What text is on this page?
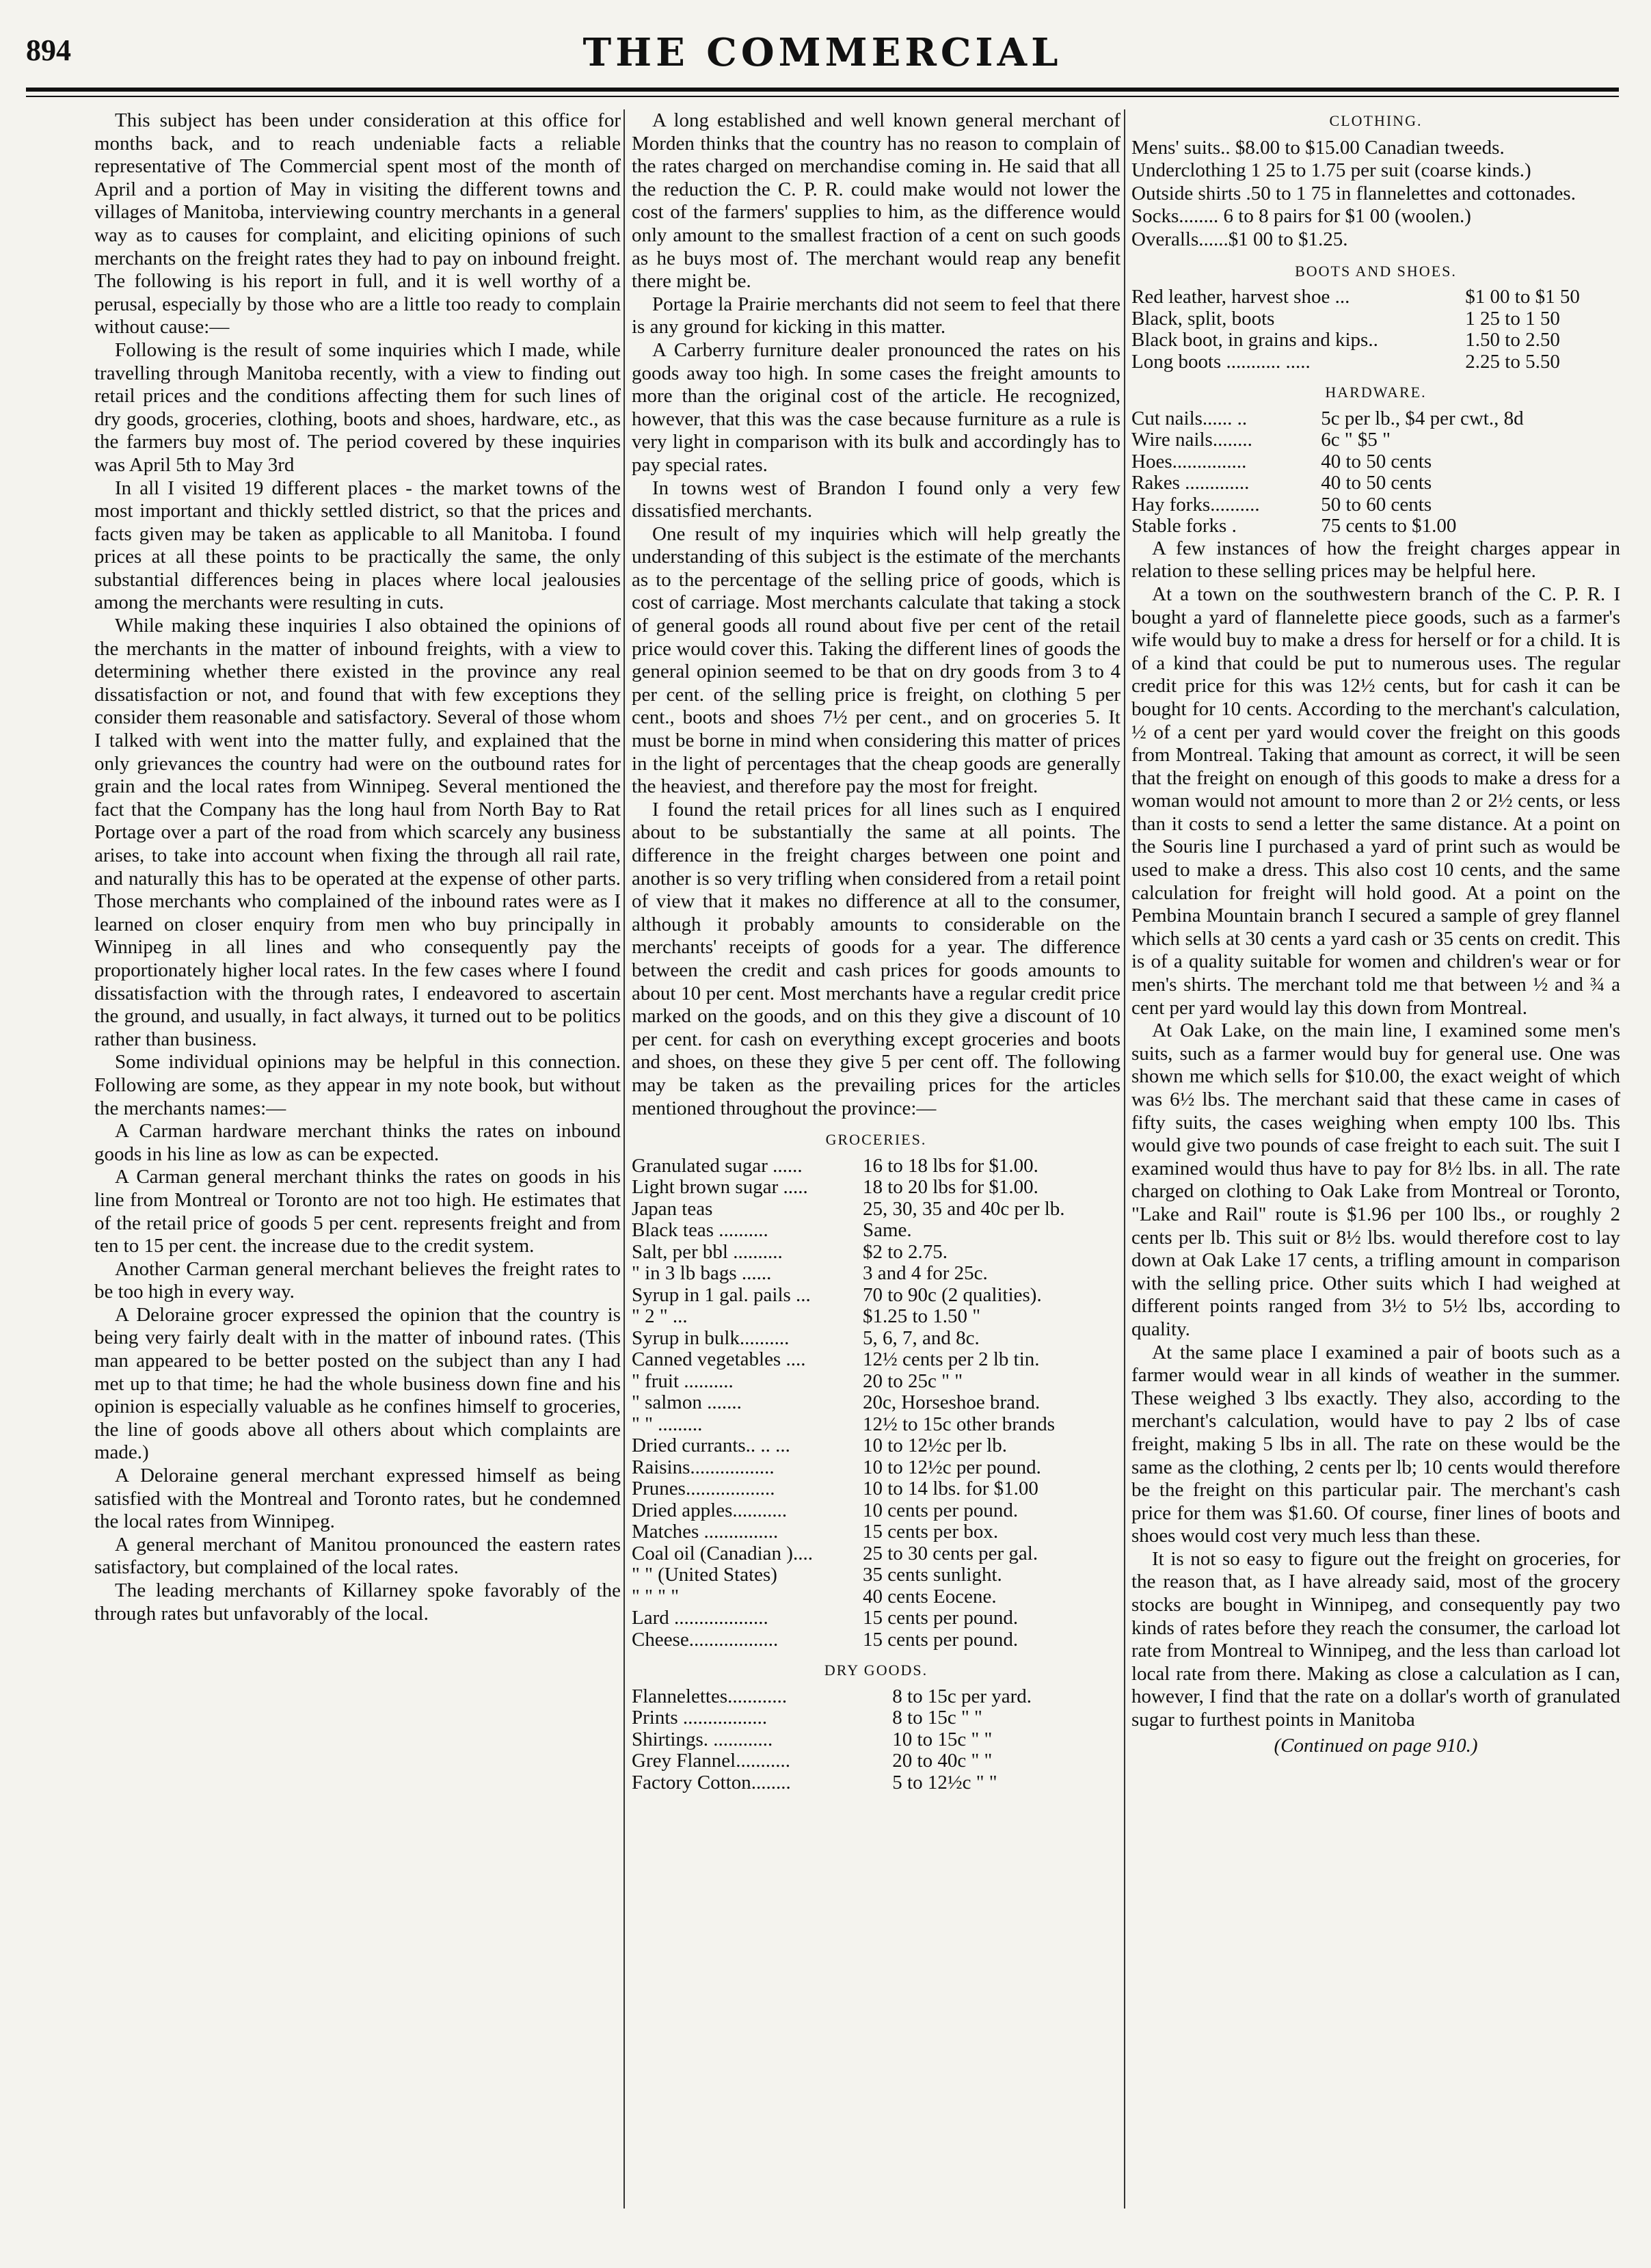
894	THE COMMERCIAL

This subject has been under consideration at this office for months back, and to reach undeniable facts a reliable representative of The Commercial spent most of the month of April and a portion of May in visiting the different towns and villages of Manitoba, interviewing country merchants in a general way as to causes for complaint, and eliciting opinions of such merchants on the freight rates they had to pay on inbound freight. The following is his report in full, and it is well worthy of a perusal, especially by those who are a little too ready to complain without cause:—

Following is the result of some inquiries which I made, while travelling through Manitoba recently, with a view to finding out retail prices and the conditions affecting them for such lines of dry goods, groceries, clothing, boots and shoes, hardware, etc., as the farmers buy most of. The period covered by these inquiries was April 5th to May 3rd

In all I visited 19 different places - the market towns of the most important and thickly settled district, so that the prices and facts given may be taken as applicable to all Manitoba. I found prices at all these points to be practically the same, the only substantial differences being in places where local jealousies among the merchants were resulting in cuts.

While making these inquiries I also obtained the opinions of the merchants in the matter of inbound freights, with a view to determining whether there existed in the province any real dissatisfaction or not, and found that with few exceptions they consider them reasonable and satisfactory. Several of those whom I talked with went into the matter fully, and explained that the only grievances the country had were on the outbound rates for grain and the local rates from Winnipeg. Several mentioned the fact that the Company has the long haul from North Bay to Rat Portage over a part of the road from which scarcely any business arises, to take into account when fixing the through all rail rate, and naturally this has to be operated at the expense of other parts. Those merchants who complained of the inbound rates were as I learned on closer enquiry from men who buy principally in Winnipeg in all lines and who consequently pay the proportionately higher local rates. In the few cases where I found dissatisfaction with the through rates, I endeavored to ascertain the ground, and usually, in fact always, it turned out to be politics rather than business.

Some individual opinions may be helpful in this connection. Following are some, as they appear in my note book, but without the merchants names:—

A Carman hardware merchant thinks the rates on inbound goods in his line as low as can be expected.

A Carman general merchant thinks the rates on goods in his line from Montreal or Toronto are not too high. He estimates that of the retail price of goods 5 per cent. represents freight and from ten to 15 per cent. the increase due to the credit system.

Another Carman general merchant believes the freight rates to be too high in every way.

A Deloraine grocer expressed the opinion that the country is being very fairly dealt with in the matter of inbound rates. (This man appeared to be better posted on the subject than any I had met up to that time; he had the whole business down fine and his opinion is especially valuable as he confines himself to groceries, the line of goods above all others about which complaints are made.)

A Deloraine general merchant expressed himself as being satisfied with the Montreal and Toronto rates, but he condemned the local rates from Winnipeg.

A general merchant of Manitou pronounced the eastern rates satisfactory, but complained of the local rates.

The leading merchants of Killarney spoke favorably of the through rates but unfavorably of the local.

A long established and well known general merchant of Morden thinks that the country has no reason to complain of the rates charged on merchandise coming in. He said that all the reduction the C. P. R. could make would not lower the cost of the farmers' supplies to him, as the difference would only amount to the smallest fraction of a cent on such goods as he buys most of. The merchant would reap any benefit there might be.

Portage la Prairie merchants did not seem to feel that there is any ground for kicking in this matter.

A Carberry furniture dealer pronounced the rates on his goods away too high. In some cases the freight amounts to more than the original cost of the article. He recognized, however, that this was the case because furniture as a rule is very light in comparison with its bulk and accordingly has to pay special rates.

In towns west of Brandon I found only a very few dissatisfied merchants.

One result of my inquiries which will help greatly the understanding of this subject is the estimate of the merchants as to the percentage of the selling price of goods, which is cost of carriage. Most merchants calculate that taking a stock of general goods all round about five per cent of the retail price would cover this. Taking the different lines of goods the general opinion seemed to be that on dry goods from 3 to 4 per cent. of the selling price is freight, on clothing 5 per cent., boots and shoes 7½ per cent., and on groceries 5. It must be borne in mind when considering this matter of prices in the light of percentages that the cheap goods are generally the heaviest, and therefore pay the most for freight.

I found the retail prices for all lines such as I enquired about to be substantially the same at all points. The difference in the freight charges between one point and another is so very trifling when considered from a retail point of view that it makes no difference at all to the consumer, although it probably amounts to considerable on the merchants' receipts of goods for a year. The difference between the credit and cash prices for goods amounts to about 10 per cent. Most merchants have a regular credit price marked on the goods, and on this they give a discount of 10 per cent. for cash on everything except groceries and boots and shoes, on these they give 5 per cent off. The following may be taken as the prevailing prices for the articles mentioned throughout the province:—

GROCERIES.
Granulated sugar ......	16 to 18 lbs for $1.00.
Light brown sugar .....	18 to 20 lbs for $1.00.
Japan teas	25, 30, 35 and 40c per lb.
Black teas ..........	Same.
Salt, per bbl ..........	$2 to 2.75.
" in 3 lb bags ......	3 and 4 for 25c.
Syrup in 1 gal. pails ...	70 to 90c (2 qualities).
" 2 " ...	$1.25 to 1.50 "
Syrup in bulk..........	5, 6, 7, and 8c.
Canned vegetables ....	12½ cents per 2 lb tin.
" fruit ..........	20 to 25c " "
" salmon .......	20c, Horseshoe brand.
" " .........	12½ to 15c other brands
Dried currants.. .. ...	10 to 12½c per lb.
Raisins.................	10 to 12½c per pound.
Prunes..................	10 to 14 lbs. for $1.00
Dried apples...........	10 cents per pound.
Matches ...............	15 cents per box.
Coal oil (Canadian )....	25 to 30 cents per gal.
" " (United States)	35 cents sunlight.
" " " "	40 cents Eocene.
Lard ...................	15 cents per pound.
Cheese..................	15 cents per pound.
DRY GOODS.
Flannelettes............	8 to 15c per yard.
Prints .................	8 to 15c " "
Shirtings. ............	10 to 15c " "
Grey Flannel...........	20 to 40c " "
Factory Cotton........	5 to 12½c " "
CLOTHING.
Mens' suits.. $8.00 to $15.00 Canadian tweeds.
Underclothing 1 25 to 1.75 per suit (coarse kinds.)
Outside shirts .50 to 1 75 in flannelettes and cottonades.
Socks........ 6 to 8 pairs for $1 00 (woolen.)
Overalls......$1 00 to $1.25.
BOOTS AND SHOES.
Red leather, harvest shoe ...	$1 00 to $1 50
Black, split, boots	1 25 to 1 50
Black boot, in grains and kips..	1.50 to 2.50
Long boots ........... .....	2.25 to 5.50
HARDWARE.
Cut nails...... ..	5c per lb., $4 per cwt., 8d
Wire nails........	6c " $5 "
Hoes...............	40 to 50 cents
Rakes .............	40 to 50 cents
Hay forks..........	50 to 60 cents
Stable forks .	75 cents to $1.00

A few instances of how the freight charges appear in relation to these selling prices may be helpful here.

At a town on the southwestern branch of the C. P. R. I bought a yard of flannelette piece goods, such as a farmer's wife would buy to make a dress for herself or for a child. It is of a kind that could be put to numerous uses. The regular credit price for this was 12½ cents, but for cash it can be bought for 10 cents. According to the merchant's calculation, ½ of a cent per yard would cover the freight on this goods from Montreal. Taking that amount as correct, it will be seen that the freight on enough of this goods to make a dress for a woman would not amount to more than 2 or 2½ cents, or less than it costs to send a letter the same distance. At a point on the Souris line I purchased a yard of print such as would be used to make a dress. This also cost 10 cents, and the same calculation for freight will hold good. At a point on the Pembina Mountain branch I secured a sample of grey flannel which sells at 30 cents a yard cash or 35 cents on credit. This is of a quality suitable for women and children's wear or for men's shirts. The merchant told me that between ½ and ¾ a cent per yard would lay this down from Montreal.

At Oak Lake, on the main line, I examined some men's suits, such as a farmer would buy for general use. One was shown me which sells for $10.00, the exact weight of which was 6½ lbs. The merchant said that these came in cases of fifty suits, the cases weighing when empty 100 lbs. This would give two pounds of case freight to each suit. The suit I examined would thus have to pay for 8½ lbs. in all. The rate charged on clothing to Oak Lake from Montreal or Toronto, "Lake and Rail" route is $1.96 per 100 lbs., or roughly 2 cents per lb. This suit or 8½ lbs. would therefore cost to lay down at Oak Lake 17 cents, a trifling amount in comparison with the selling price. Other suits which I had weighed at different points ranged from 3½ to 5½ lbs, according to quality.

At the same place I examined a pair of boots such as a farmer would wear in all kinds of weather in the summer. These weighed 3 lbs exactly. They also, according to the merchant's calculation, would have to pay 2 lbs of case freight, making 5 lbs in all. The rate on these would be the same as the clothing, 2 cents per lb; 10 cents would therefore be the freight on this particular pair. The merchant's cash price for them was $1.60. Of course, finer lines of boots and shoes would cost very much less than these.

It is not so easy to figure out the freight on groceries, for the reason that, as I have already said, most of the grocery stocks are bought in Winnipeg, and consequently pay two kinds of rates before they reach the consumer, the carload lot rate from Montreal to Winnipeg, and the less than carload lot local rate from there. Making as close a calculation as I can, however, I find that the rate on a dollar's worth of granulated sugar to furthest points in Manitoba

(Continued on page 910.)
